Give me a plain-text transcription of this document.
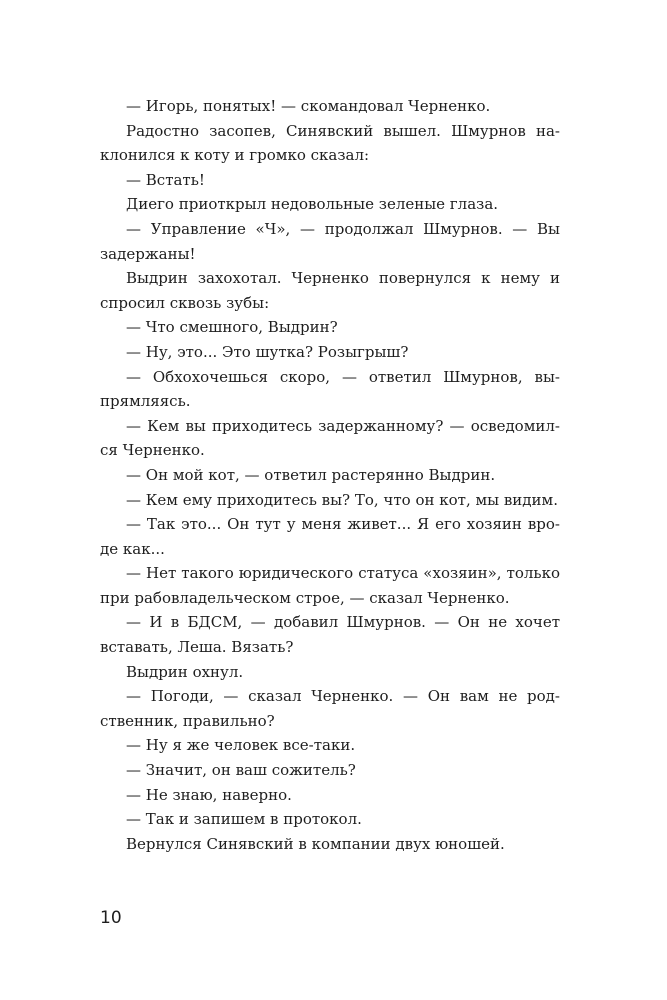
— Игорь, понятых! — скомандовал Черненко.

Радостно засопев, Синявский вышел. Шмурнов наклонился к коту и громко сказал:

— Встать!

Диего приоткрыл недовольные зеленые глаза.

— Управление «Ч», — продолжал Шмурнов. — Вы задержаны!

Выдрин захохотал. Черненко повернулся к нему и спросил сквозь зубы:

— Что смешного, Выдрин?

— Ну, это... Это шутка? Розыгрыш?

— Обхохочешься скоро, — ответил Шмурнов, выпрямляясь.

— Кем вы приходитесь задержанному? — осведомился Черненко.

— Он мой кот, — ответил растерянно Выдрин.

— Кем ему приходитесь вы? То, что он кот, мы видим.

— Так это... Он тут у меня живет... Я его хозяин вроде как...

— Нет такого юридического статуса «хозяин», только при рабовладельческом строе, — сказал Черненко.

— И в БДСМ, — добавил Шмурнов. — Он не хочет вставать, Леша. Вязать?

Выдрин охнул.

— Погоди, — сказал Черненко. — Он вам не родственник, правильно?

— Ну я же человек все-таки.

— Значит, он ваш сожитель?

— Не знаю, наверно.

— Так и запишем в протокол.

Вернулся Синявский в компании двух юношей.

10
